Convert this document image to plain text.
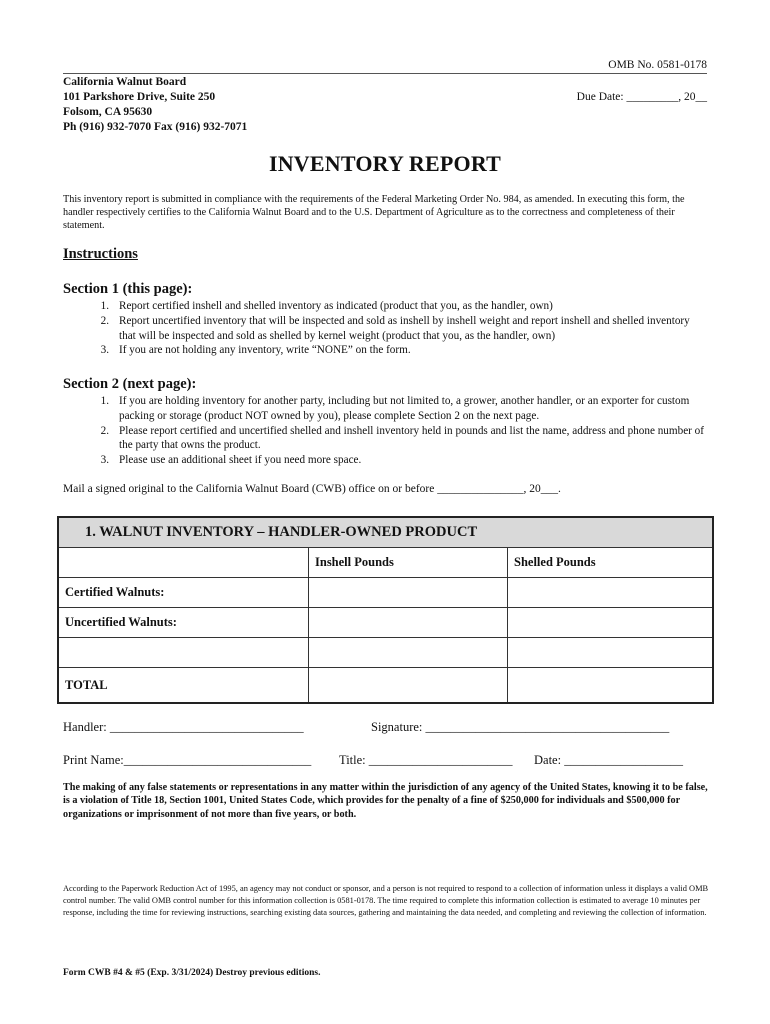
OMB No. 0581-0178
California Walnut Board
101 Parkshore Drive, Suite 250
Folsom, CA 95630
Ph (916) 932-7070 Fax (916) 932-7071
Due Date: _________, 20__
INVENTORY REPORT
This inventory report is submitted in compliance with the requirements of the Federal Marketing Order No. 984, as amended. In executing this form, the handler respectively certifies to the California Walnut Board and to the U.S. Department of Agriculture as to the correctness and completeness of their statement.
Instructions
Section 1 (this page):
1. Report certified inshell and shelled inventory as indicated (product that you, as the handler, own)
2. Report uncertified inventory that will be inspected and sold as inshell by inshell weight and report inshell and shelled inventory that will be inspected and sold as shelled by kernel weight (product that you, as the handler, own)
3. If you are not holding any inventory, write “NONE” on the form.
Section 2 (next page):
1. If you are holding inventory for another party, including but not limited to, a grower, another handler, or an exporter for custom packing or storage (product NOT owned by you), please complete Section 2 on the next page.
2. Please report certified and uncertified shelled and inshell inventory held in pounds and list the name, address and phone number of the party that owns the product.
3. Please use an additional sheet if you need more space.
Mail a signed original to the California Walnut Board (CWB) office on or before _______________, 20___.
1. WALNUT INVENTORY – HANDLER-OWNED PRODUCT		
	Inshell Pounds	Shelled Pounds
Certified Walnuts:		
Uncertified Walnuts:		

TOTAL		
Handler: _______________________________	Signature: _______________________________________
Print Name:______________________________ Title: _______________________ Date: ___________________
The making of any false statements or representations in any matter within the jurisdiction of any agency of the United States, knowing it to be false, is a violation of Title 18, Section 1001, United States Code, which provides for the penalty of a fine of $250,000 for individuals and $500,000 for organizations or imprisonment of not more than five years, or both.
According to the Paperwork Reduction Act of 1995, an agency may not conduct or sponsor, and a person is not required to respond to a collection of information unless it displays a valid OMB control number. The valid OMB control number for this information collection is 0581-0178. The time required to complete this information collection is estimated to average 10 minutes per response, including the time for reviewing instructions, searching existing data sources, gathering and maintaining the data needed, and completing and reviewing the collection of information.
Form CWB #4 & #5 (Exp. 3/31/2024) Destroy previous editions.
